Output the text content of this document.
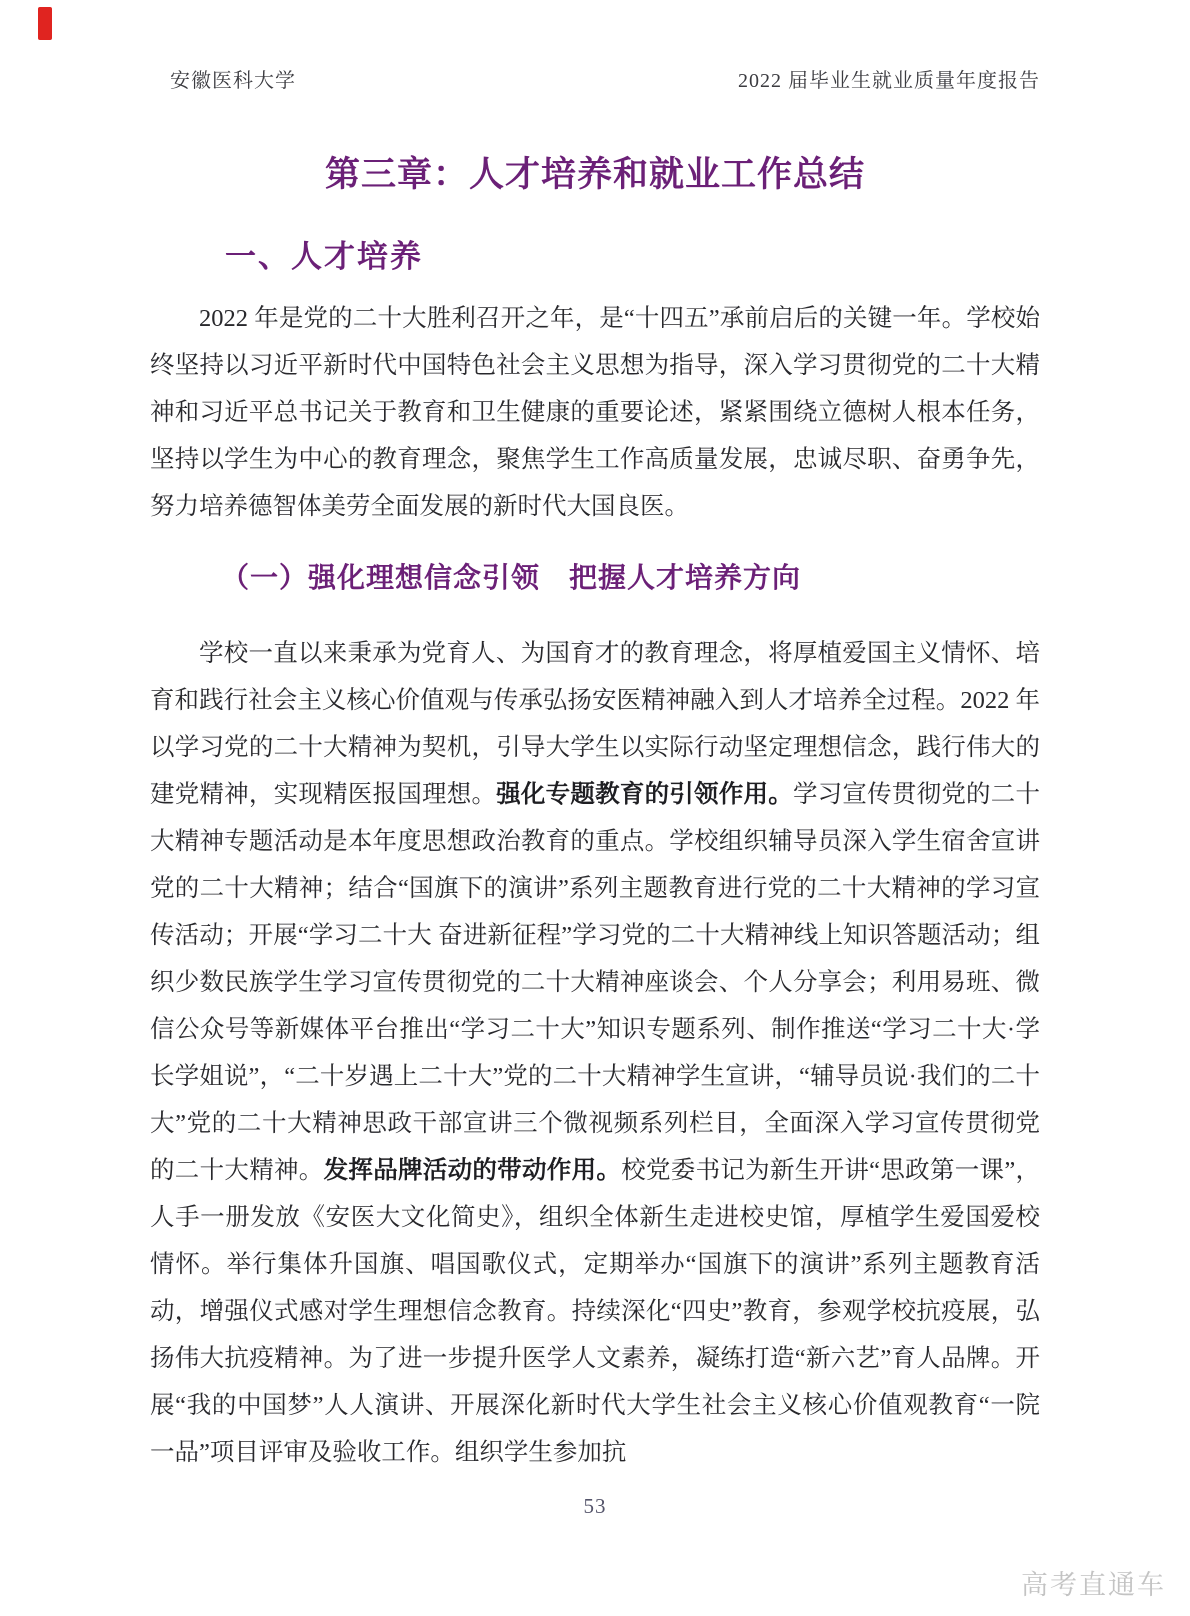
安徽医科大学	2022 届毕业生就业质量年度报告
第三章：人才培养和就业工作总结
一、人才培养

2022 年是党的二十大胜利召开之年，是“十四五”承前启后的关键一年。学校始终坚持以习近平新时代中国特色社会主义思想为指导，深入学习贯彻党的二十大精神和习近平总书记关于教育和卫生健康的重要论述，紧紧围绕立德树人根本任务，坚持以学生为中心的教育理念，聚焦学生工作高质量发展，忠诚尽职、奋勇争先，努力培养德智体美劳全面发展的新时代大国良医。

（一）强化理想信念引领　把握人才培养方向

学校一直以来秉承为党育人、为国育才的教育理念，将厚植爱国主义情怀、培育和践行社会主义核心价值观与传承弘扬安医精神融入到人才培养全过程。2022 年以学习党的二十大精神为契机，引导大学生以实际行动坚定理想信念，践行伟大的建党精神，实现精医报国理想。强化专题教育的引领作用。学习宣传贯彻党的二十大精神专题活动是本年度思想政治教育的重点。学校组织辅导员深入学生宿舍宣讲党的二十大精神；结合“国旗下的演讲”系列主题教育进行党的二十大精神的学习宣传活动；开展“学习二十大 奋进新征程”学习党的二十大精神线上知识答题活动；组织少数民族学生学习宣传贯彻党的二十大精神座谈会、个人分享会；利用易班、微信公众号等新媒体平台推出“学习二十大”知识专题系列、制作推送“学习二十大·学长学姐说”，“二十岁遇上二十大”党的二十大精神学生宣讲，“辅导员说·我们的二十大”党的二十大精神思政干部宣讲三个微视频系列栏目，全面深入学习宣传贯彻党的二十大精神。发挥品牌活动的带动作用。校党委书记为新生开讲“思政第一课”，人手一册发放《安医大文化简史》，组织全体新生走进校史馆，厚植学生爱国爱校情怀。举行集体升国旗、唱国歌仪式，定期举办“国旗下的演讲”系列主题教育活动，增强仪式感对学生理想信念教育。持续深化“四史”教育，参观学校抗疫展，弘扬伟大抗疫精神。为了进一步提升医学人文素养，凝练打造“新六艺”育人品牌。开展“我的中国梦”人人演讲、开展深化新时代大学生社会主义核心价值观教育“一院一品”项目评审及验收工作。组织学生参加抗

53
高考直通车
